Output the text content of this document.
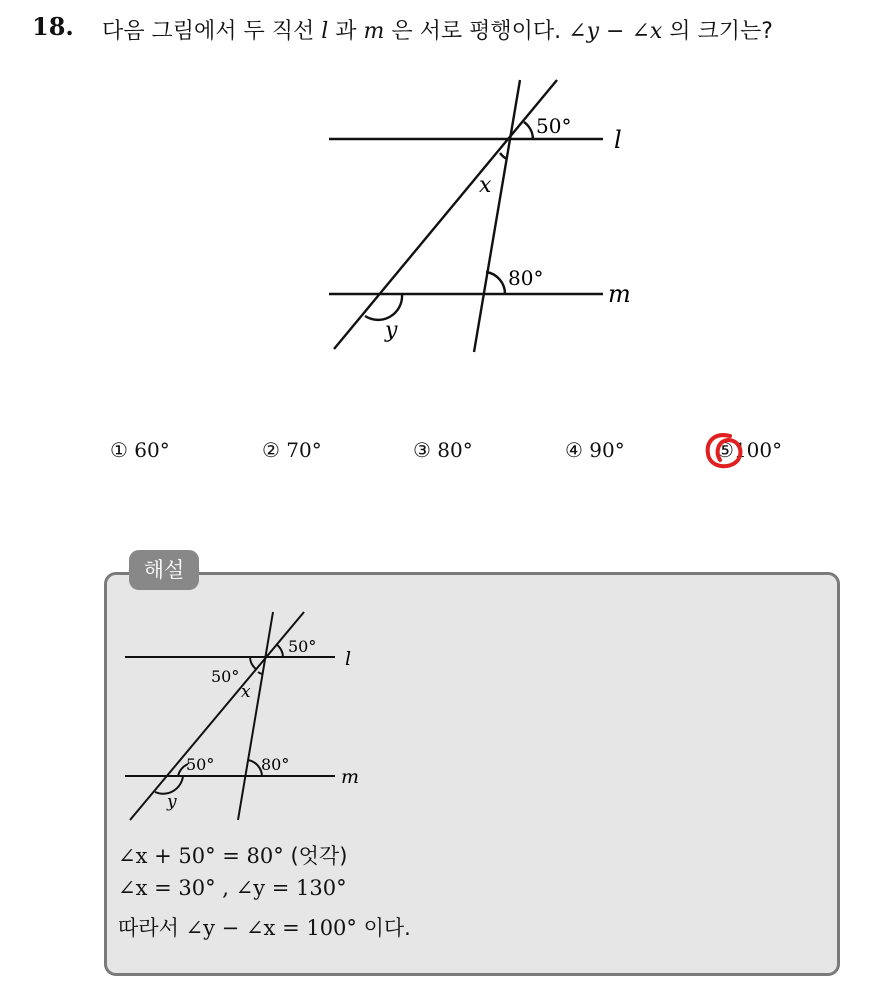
18. 다음 그림에서 두 직선 l 과 m 은 서로 평행이다. ∠y − ∠x 의 크기는?
50° l
x
80°
m
y
① 60°	② 70°	③ 80°	④ 90°	⑤100°
해설
50°
l
50°
x
50°	80°
m
y
∠x + 50° = 80° (엇각)
∠x = 30° , ∠y = 130°
따라서 ∠y − ∠x = 100° 이다.
